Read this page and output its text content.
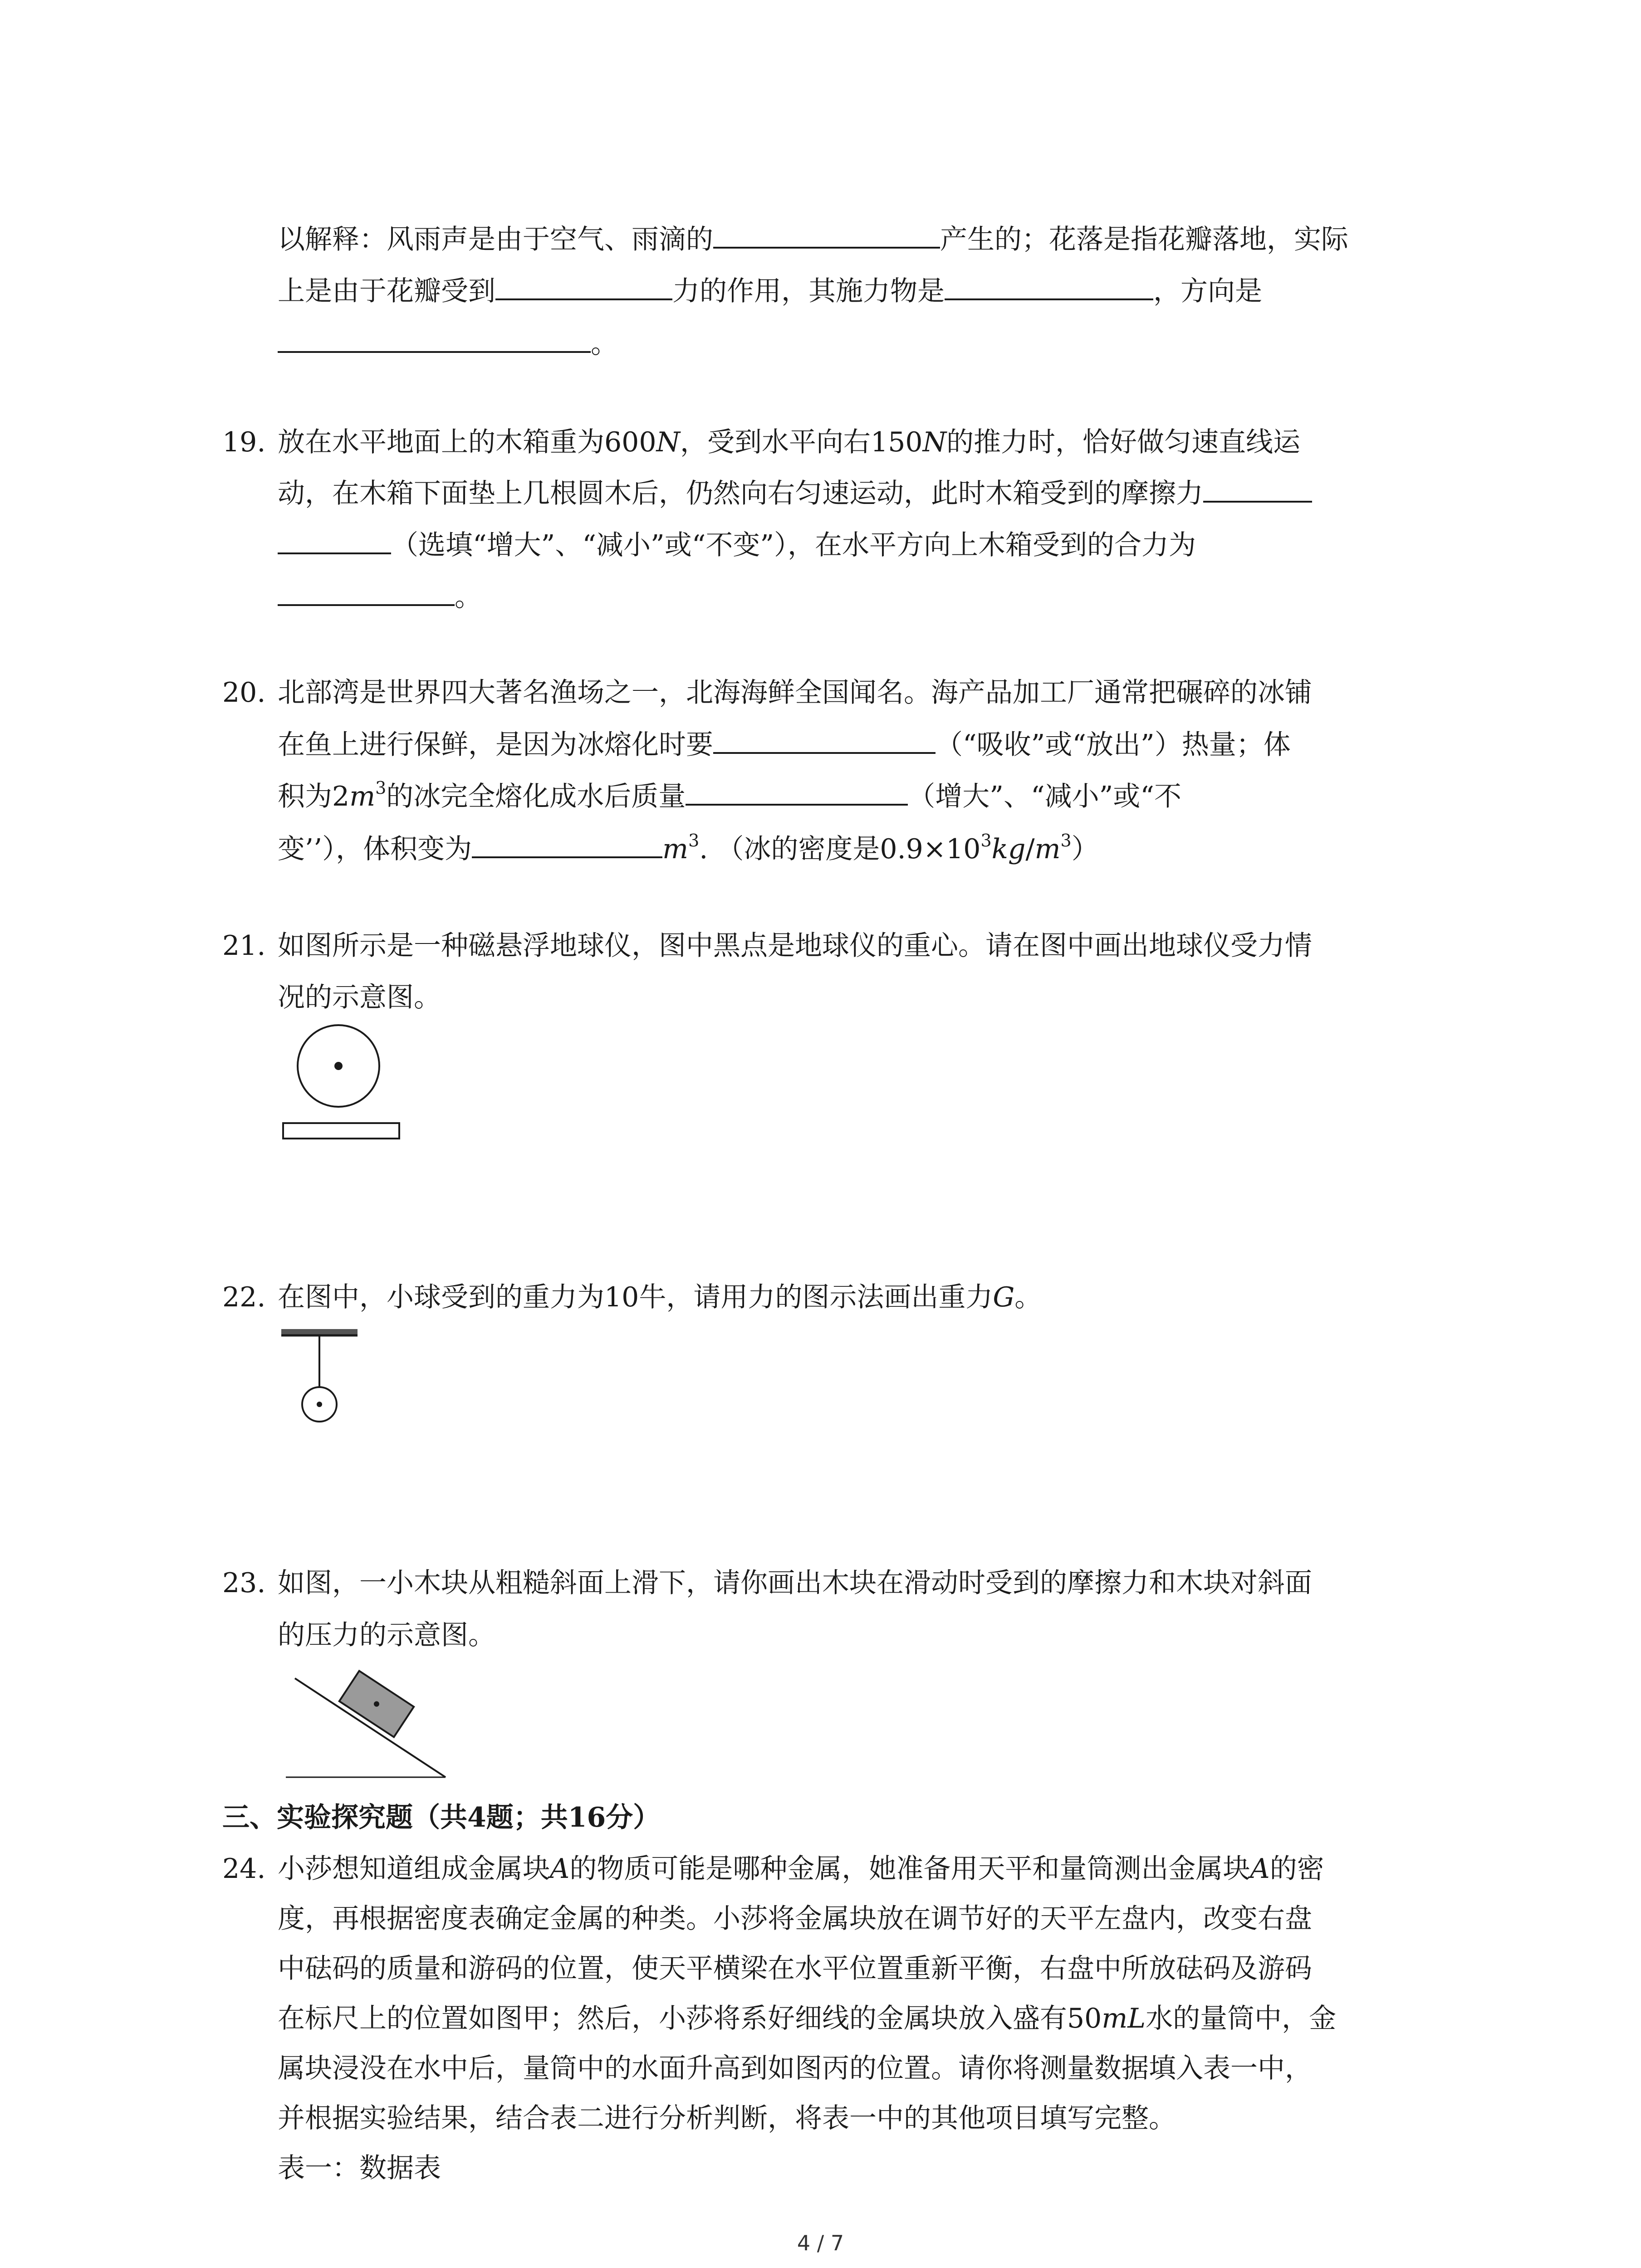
以解释：风雨声是由于空气、雨滴的	产生的；花落是指花瓣落地，实际
上是由于花瓣受到	力的作用，其施力物是	，方向是
。
19. 放在水平地面上的木箱重为600N，受到水平向右150N的推力时，恰好做匀速直线运
动，在木箱下面垫上几根圆木后，仍然向右匀速运动，此时木箱受到的摩擦力
（选填“增大”、“减小”或“不变”），在水平方向上木箱受到的合力为
。
20. 北部湾是世界四大著名渔场之一，北海海鲜全国闻名。海产品加工厂通常把碾碎的冰铺
在鱼上进行保鲜，是因为冰熔化时要	（“吸收”或“放出”）热量；体
积为$2m^3$的冰完全熔化成水后质量	（增大”、“减小”或“不
变’’），体积变为	$m^3$. （冰的密度是$0.9\times 10^3kg/m^3$）
21. 如图所示是一种磁悬浮地球仪，图中黑点是地球仪的重心。请在图中画出地球仪受力情
况的示意图。
22. 在图中，小球受到的重力为10牛，请用力的图示法画出重力G。
23. 如图，一小木块从粗糙斜面上滑下，请你画出木块在滑动时受到的摩擦力和木块对斜面
的压力的示意图。
三、实验探究题（共4题；共16分）
24. 小莎想知道组成金属块A的物质可能是哪种金属，她准备用天平和量筒测出金属块A的密
度，再根据密度表确定金属的种类。小莎将金属块放在调节好的天平左盘内，改变右盘
中砝码的质量和游码的位置，使天平横梁在水平位置重新平衡，右盘中所放砝码及游码
在标尺上的位置如图甲；然后，小莎将系好细线的金属块放入盛有50mL水的量筒中，金
属块浸没在水中后，量筒中的水面升高到如图丙的位置。请你将测量数据填入表一中，
并根据实验结果，结合表二进行分析判断，将表一中的其他项目填写完整。
表一：数据表
4 / 7
